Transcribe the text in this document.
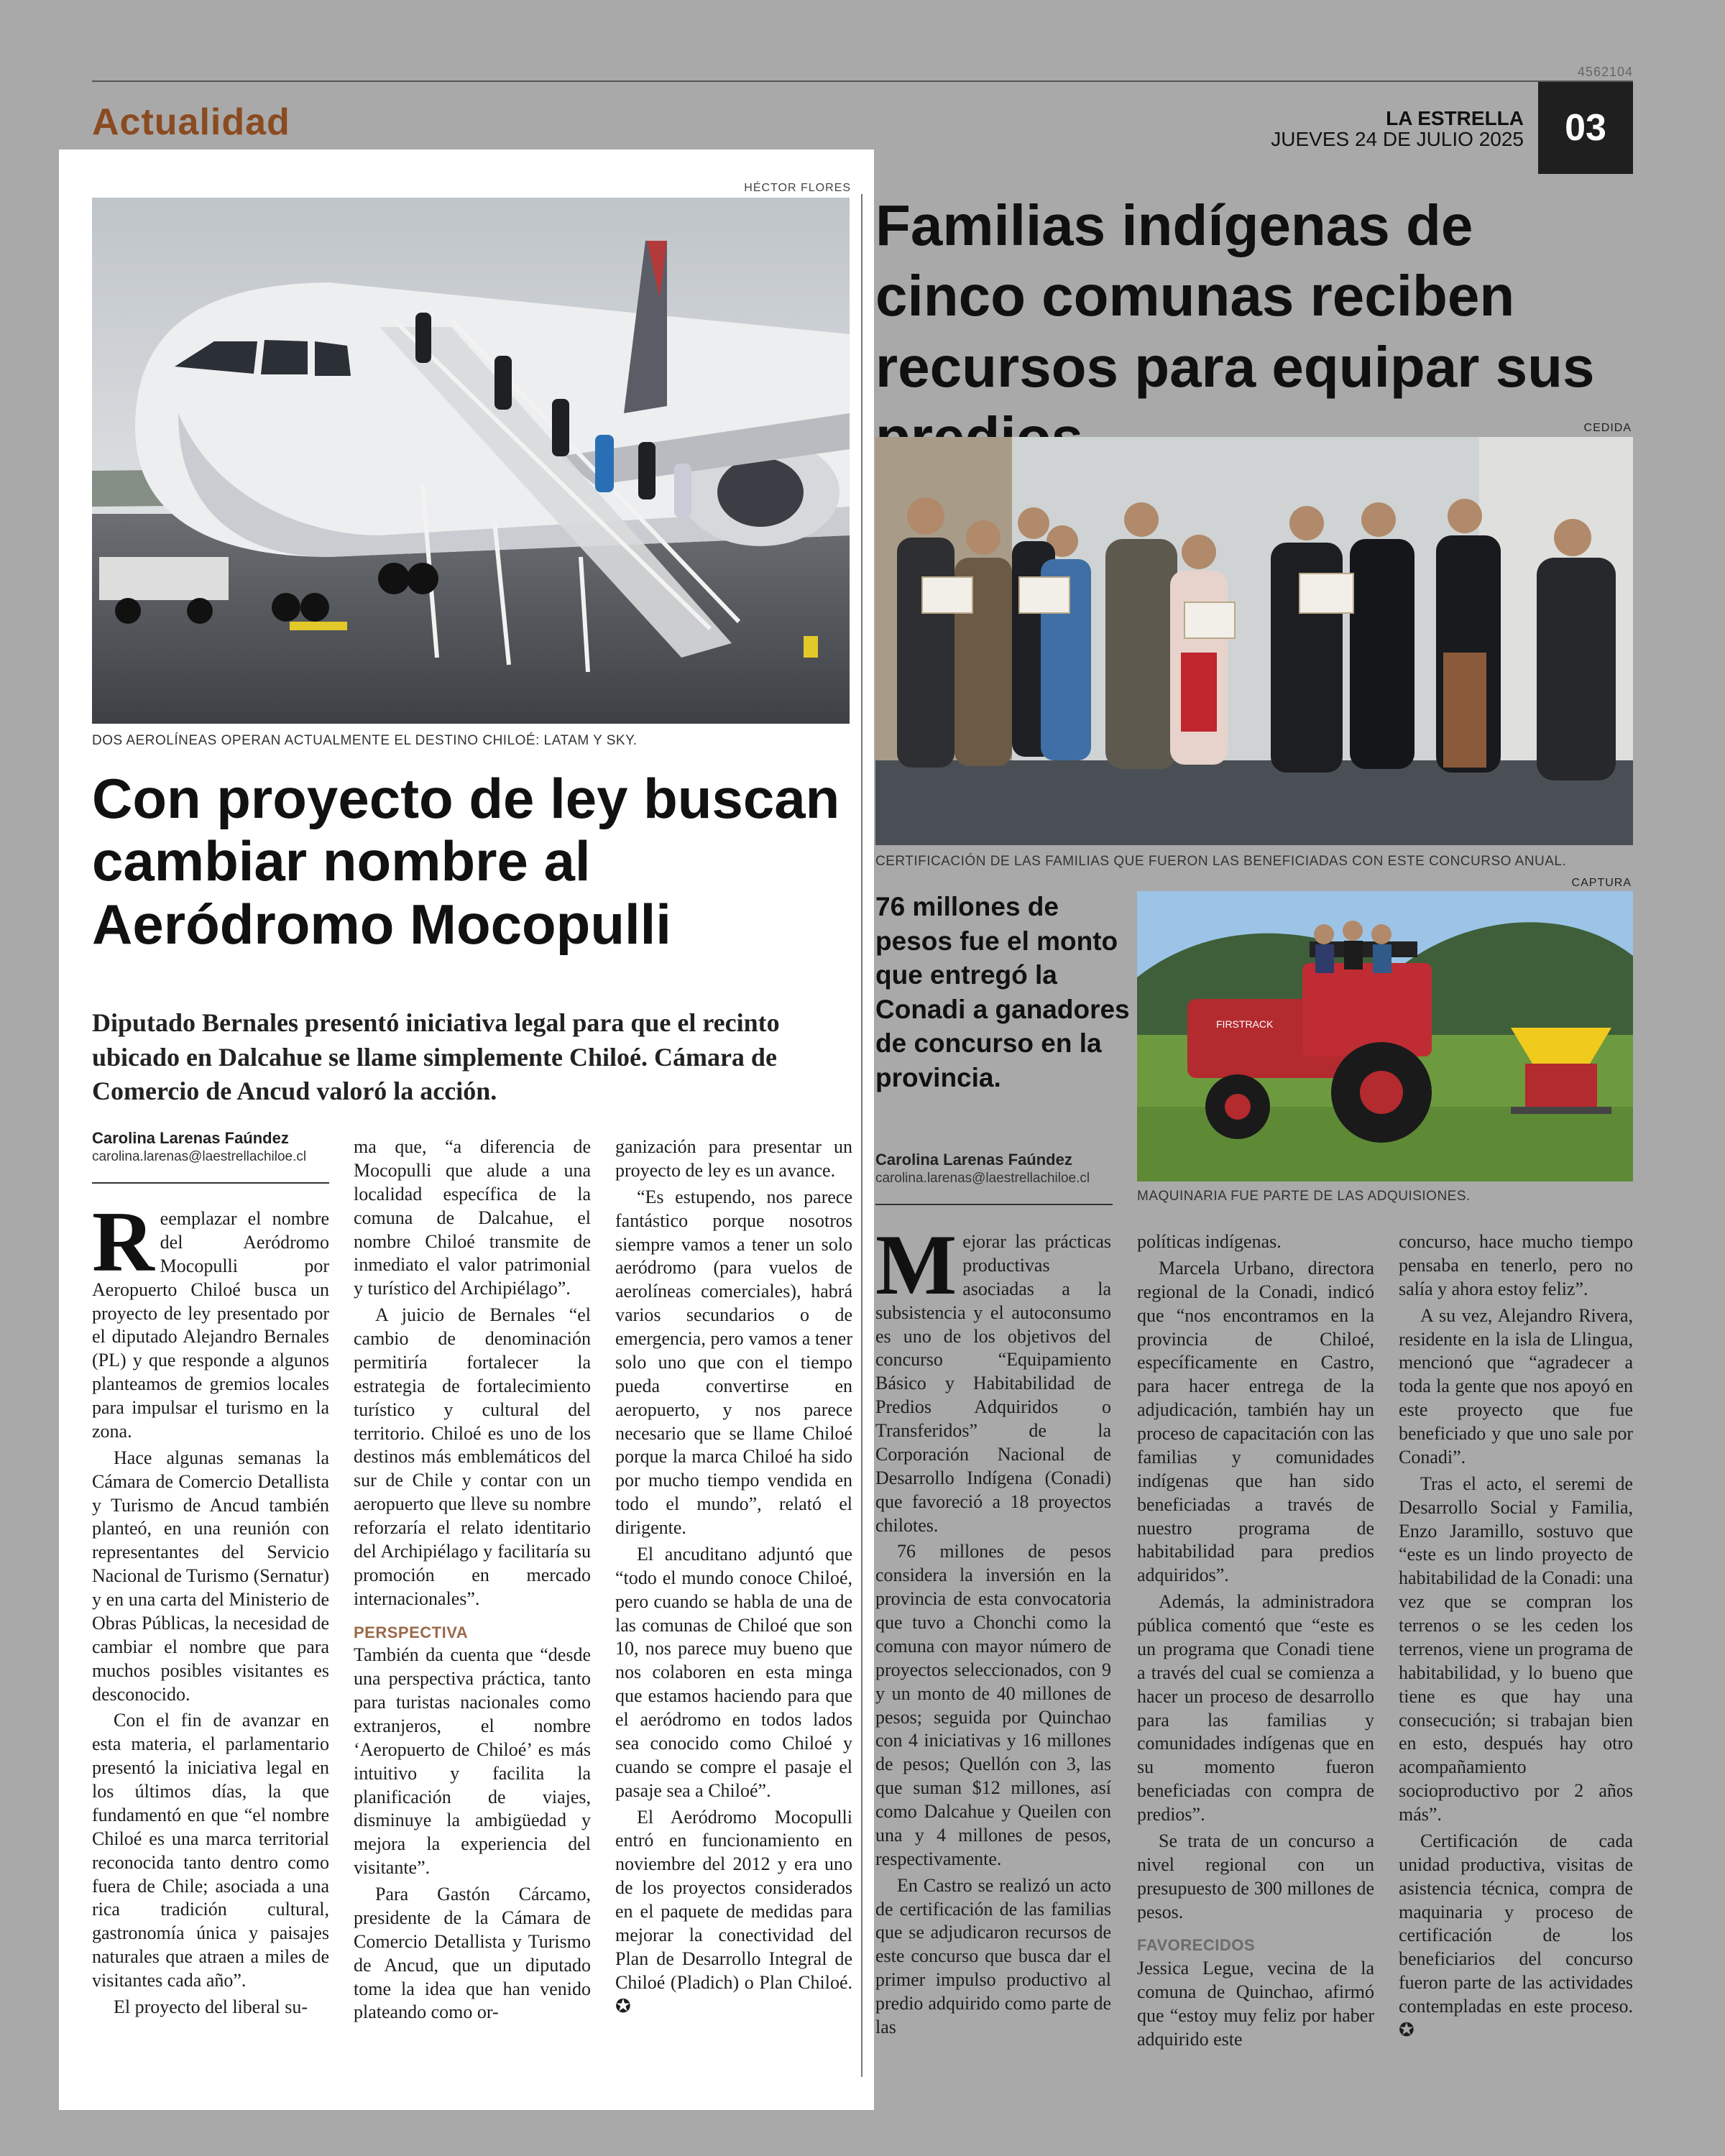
4562104
Actualidad	LA ESTRELLA
JUEVES 24 DE JULIO 2025	03
HÉCTOR FLORES
DOS AEROLÍNEAS OPERAN ACTUALMENTE EL DESTINO CHILOÉ: LATAM Y SKY.
Con proyecto de ley buscan cambiar nombre al Aeródromo Mocopulli
Diputado Bernales presentó iniciativa legal para que el recinto ubicado en Dalcahue se llame simplemente Chiloé. Cámara de Comercio de Ancud valoró la acción.
Carolina Larenas Faúndez
carolina.larenas@laestrellachiloe.cl
R eemplazar el nombre del Aeródromo Mocopulli por Aeropuerto Chiloé busca un proyecto de ley presentado por el diputado Alejandro Bernales (PL) y que responde a algunos planteamos de gremios locales para impulsar el turismo en la zona.

Hace algunas semanas la Cámara de Comercio Detallista y Turismo de Ancud también planteó, en una reunión con representantes del Servicio Nacional de Turismo (Sernatur) y en una carta del Ministerio de Obras Públicas, la necesidad de cambiar el nombre que para muchos posibles visitantes es desconocido.

Con el fin de avanzar en esta materia, el parlamentario presentó la iniciativa legal en los últimos días, la que fundamentó en que “el nombre Chiloé es una marca territorial reconocida tanto dentro como fuera de Chile; asociada a una rica tradición cultural, gastronomía única y paisajes naturales que atraen a miles de visitantes cada año”.

El proyecto del liberal su-

ma que, “a diferencia de Mocopulli que alude a una localidad específica de la comuna de Dalcahue, el nombre Chiloé transmite de inmediato el valor patrimonial y turístico del Archipiélago”.

A juicio de Bernales “el cambio de denominación permitiría fortalecer la estrategia de fortalecimiento turístico y cultural del territorio. Chiloé es uno de los destinos más emblemáticos del sur de Chile y contar con un aeropuerto que lleve su nombre reforzaría el relato identitario del Archipiélago y facilitaría su promoción en mercado internacionales”.

PERSPECTIVA

También da cuenta que “desde una perspectiva práctica, tanto para turistas nacionales como extranjeros, el nombre ‘Aeropuerto de Chiloé’ es más intuitivo y facilita la planificación de viajes, disminuye la ambigüedad y mejora la experiencia del visitante”.

Para Gastón Cárcamo, presidente de la Cámara de Comercio Detallista y Turismo de Ancud, que un diputado tome la idea que han venido plateando como or-

ganización para presentar un proyecto de ley es un avance.

“Es estupendo, nos parece fantástico porque nosotros siempre vamos a tener un solo aeródromo (para vuelos de aerolíneas comerciales), habrá varios secundarios o de emergencia, pero vamos a tener solo uno que con el tiempo pueda convertirse en aeropuerto, y nos parece necesario que se llame Chiloé porque la marca Chiloé ha sido por mucho tiempo vendida en todo el mundo”, relató el dirigente.

El ancuditano adjuntó que “todo el mundo conoce Chiloé, pero cuando se habla de una de las comunas de Chiloé que son 10, nos parece muy bueno que nos colaboren en esta minga que estamos haciendo para que el aeródromo en todos lados sea conocido como Chiloé y cuando se compre el pasaje el pasaje sea a Chiloé”.

El Aeródromo Mocopulli entró en funcionamiento en noviembre del 2012 y era uno de los proyectos considerados en el paquete de medidas para mejorar la conectividad del Plan de Desarrollo Integral de Chiloé (Pladich) o Plan Chiloé. ✪

Familias indígenas de cinco comunas reciben recursos para equipar sus
CEDIDA
CERTIFICACIÓN DE LAS FAMILIAS QUE FUERON LAS BENEFICIADAS CON ESTE CONCURSO ANUAL.
CAPTURA
76 millones de pesos fue el monto que entregó la Conadi a ganadores de concurso en la provincia.
FIRSTRACK
MAQUINARIA FUE PARTE DE LAS ADQUISIONES.
Carolina Larenas Faúndez
carolina.larenas@laestrellachiloe.cl
M ejorar las prácticas productivas asociadas a la subsistencia y el autoconsumo es uno de los objetivos del concurso “Equipamiento Básico y Habitabilidad de Predios Adquiridos o Transferidos” de la Corporación Nacional de Desarrollo Indígena (Conadi) que favoreció a 18 proyectos chilotes.

76 millones de pesos considera la inversión en la provincia de esta convocatoria que tuvo a Chonchi como la comuna con mayor número de proyectos seleccionados, con 9 y un monto de 40 millones de pesos; seguida por Quinchao con 4 iniciativas y 16 millones de pesos; Quellón con 3, las que suman $12 millones, así como Dalcahue y Queilen con una y 4 millones de pesos, respectivamente.

En Castro se realizó un acto de certificación de las familias que se adjudicaron recursos de este concurso que busca dar el primer impulso productivo al predio adquirido como parte de las

políticas indígenas.

Marcela Urbano, directora regional de la Conadi, indicó que “nos encontramos en la provincia de Chiloé, específicamente en Castro, para hacer entrega de la adjudicación, también hay un proceso de capacitación con las familias y comunidades indígenas que han sido beneficiadas a través de nuestro programa de habitabilidad para predios adquiridos”.

Además, la administradora pública comentó que “este es un programa que Conadi tiene a través del cual se comienza a hacer un proceso de desarrollo para las familias y comunidades indígenas que en su momento fueron beneficiadas con compra de predios”.

Se trata de un concurso a nivel regional con un presupuesto de 300 millones de pesos.

FAVORECIDOS

Jessica Legue, vecina de la comuna de Quinchao, afirmó que “estoy muy feliz por haber adquirido este

concurso, hace mucho tiempo pensaba en tenerlo, pero no salía y ahora estoy feliz”.

A su vez, Alejandro Rivera, residente en la isla de Llingua, mencionó que “agradecer a toda la gente que nos apoyó en este proyecto que fue beneficiado y que uno sale por Conadi”.

Tras el acto, el seremi de Desarrollo Social y Familia, Enzo Jaramillo, sostuvo que “este es un lindo proyecto de habitabilidad de la Conadi: una vez que se compran los terrenos o se les ceden los terrenos, viene un programa de habitabilidad, y lo bueno que tiene es que hay una consecución; si trabajan bien en esto, después hay otro acompañamiento socioproductivo por 2 años más”.

Certificación de cada unidad productiva, visitas de asistencia técnica, compra de maquinaria y proceso de certificación de los beneficiarios del concurso fueron parte de las actividades contempladas en este proceso. ✪
